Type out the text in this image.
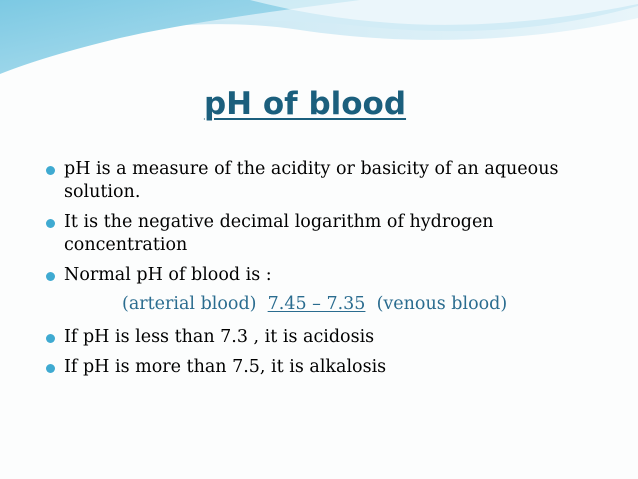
pH of blood
pH is a measure of the acidity or basicity of an aqueous solution.
It is the negative decimal logarithm of hydrogen concentration
Normal pH of blood is :
(arterial blood) 7.45 – 7.35 (venous blood)
If pH is less than 7.3 , it is acidosis
If pH is more than 7.5, it is alkalosis
